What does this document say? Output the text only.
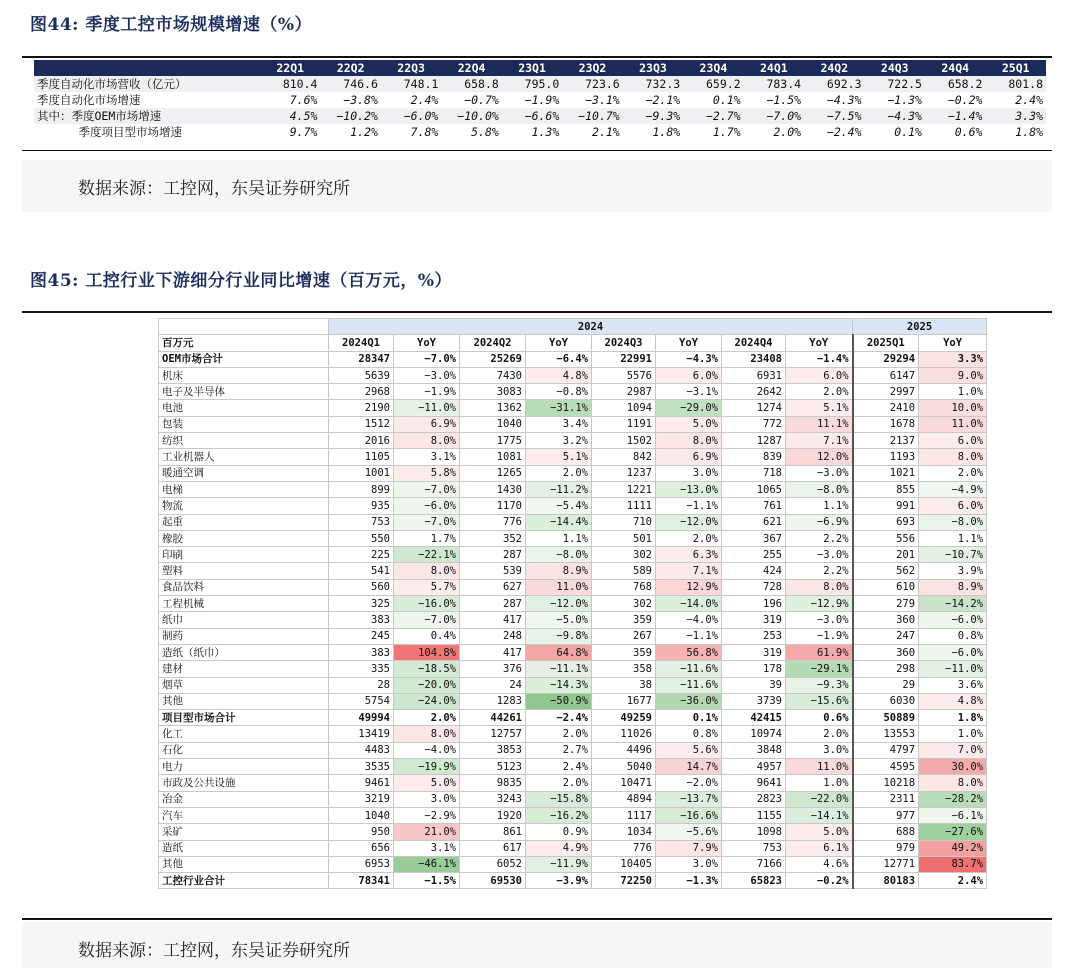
图44: 季度工控市场规模增速（%）
	22Q1	22Q2	22Q3	22Q4	23Q1	23Q2	23Q3	23Q4	24Q1	24Q2	24Q3	24Q4	25Q1
季度自动化市场营收（亿元）	810.4	746.6	748.1	658.8	795.0	723.6	732.3	659.2	783.4	692.3	722.5	658.2	801.8
季度自动化市场增速	7.6%	−3.8%	2.4%	−0.7%	−1.9%	−3.1%	−2.1%	0.1%	−1.5%	−4.3%	−1.3%	−0.2%	2.4%
其中：季度OEM市场增速	4.5%	−10.2%	−6.0%	−10.0%	−6.6%	−10.7%	−9.3%	−2.7%	−7.0%	−7.5%	−4.3%	−1.4%	3.3%
季度项目型市场增速	9.7%	1.2%	7.8%	5.8%	1.3%	2.1%	1.8%	1.7%	2.0%	−2.4%	0.1%	0.6%	1.8%
数据来源：工控网，东吴证券研究所
图45: 工控行业下游细分行业同比增速（百万元，%）
	2024								2025	
百万元	2024Q1	YoY	2024Q2	YoY	2024Q3	YoY	2024Q4	YoY	2025Q1	YoY
OEM市场合计	28347	−7.0%	25269	−6.4%	22991	−4.3%	23408	−1.4%	29294	3.3%
机床	5639	−3.0%	7430	4.8%	5576	6.0%	6931	6.0%	6147	9.0%
电子及半导体	2968	−1.9%	3083	−0.8%	2987	−3.1%	2642	2.0%	2997	1.0%
电池	2190	−11.0%	1362	−31.1%	1094	−29.0%	1274	5.1%	2410	10.0%
包装	1512	6.9%	1040	3.4%	1191	5.0%	772	11.1%	1678	11.0%
纺织	2016	8.0%	1775	3.2%	1502	8.0%	1287	7.1%	2137	6.0%
工业机器人	1105	3.1%	1081	5.1%	842	6.9%	839	12.0%	1193	8.0%
暖通空调	1001	5.8%	1265	2.0%	1237	3.0%	718	−3.0%	1021	2.0%
电梯	899	−7.0%	1430	−11.2%	1221	−13.0%	1065	−8.0%	855	−4.9%
物流	935	−6.0%	1170	−5.4%	1111	−1.1%	761	1.1%	991	6.0%
起重	753	−7.0%	776	−14.4%	710	−12.0%	621	−6.9%	693	−8.0%
橡胶	550	1.7%	352	1.1%	501	2.0%	367	2.2%	556	1.1%
印刷	225	−22.1%	287	−8.0%	302	6.3%	255	−3.0%	201	−10.7%
塑料	541	8.0%	539	8.9%	589	7.1%	424	2.2%	562	3.9%
食品饮料	560	5.7%	627	11.0%	768	12.9%	728	8.0%	610	8.9%
工程机械	325	−16.0%	287	−12.0%	302	−14.0%	196	−12.9%	279	−14.2%
纸巾	383	−7.0%	417	−5.0%	359	−4.0%	319	−3.0%	360	−6.0%
制药	245	0.4%	248	−9.8%	267	−1.1%	253	−1.9%	247	0.8%
造纸（纸巾）	383	104.8%	417	64.8%	359	56.8%	319	61.9%	360	−6.0%
建材	335	−18.5%	376	−11.1%	358	−11.6%	178	−29.1%	298	−11.0%
烟草	28	−20.0%	24	−14.3%	38	−11.6%	39	−9.3%	29	3.6%
其他	5754	−24.0%	1283	−50.9%	1677	−36.0%	3739	−15.6%	6030	4.8%
项目型市场合计	49994	2.0%	44261	−2.4%	49259	0.1%	42415	0.6%	50889	1.8%
化工	13419	8.0%	12757	2.0%	11026	0.8%	10974	2.0%	13553	1.0%
石化	4483	−4.0%	3853	2.7%	4496	5.6%	3848	3.0%	4797	7.0%
电力	3535	−19.9%	5123	2.4%	5040	14.7%	4957	11.0%	4595	30.0%
市政及公共设施	9461	5.0%	9835	2.0%	10471	−2.0%	9641	1.0%	10218	8.0%
冶金	3219	3.0%	3243	−15.8%	4894	−13.7%	2823	−22.0%	2311	−28.2%
汽车	1040	−2.9%	1920	−16.2%	1117	−16.6%	1155	−14.1%	977	−6.1%
采矿	950	21.0%	861	0.9%	1034	−5.6%	1098	5.0%	688	−27.6%
造纸	656	3.1%	617	4.9%	776	7.9%	753	6.1%	979	49.2%
其他	6953	−46.1%	6052	−11.9%	10405	3.0%	7166	4.6%	12771	83.7%
工控行业合计	78341	−1.5%	69530	−3.9%	72250	−1.3%	65823	−0.2%	80183	2.4%
数据来源：工控网，东吴证券研究所
